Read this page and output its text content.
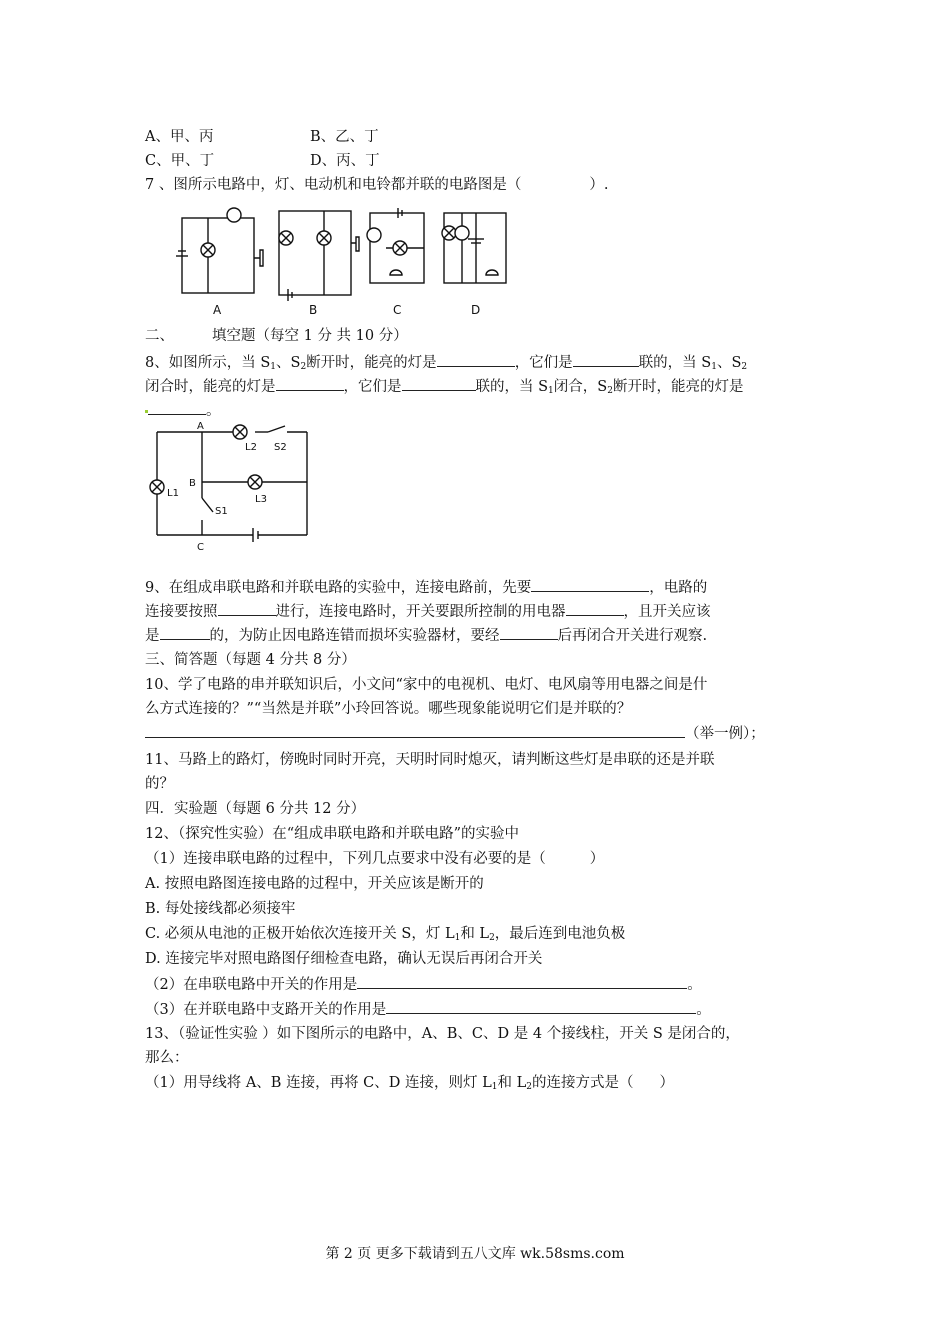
A、甲、丙	B、乙、丁
C、甲、丁	D、丙、丁
7 、图所示电路中，灯、电动机和电铃都并联的电路图是（	）.
A	B	C	D
二、	填空题（每空 1 分 共 10 分）
8、如图所示，当 $S_1$、$S_2$断开时，能亮的灯是	，它们是	联的，当 $S_1$、$S_2$
闭合时，能亮的灯是	，它们是	联的，当 $S_1$闭合，$S_2$断开时，能亮的灯是
。
A
B
C
L2 S2
L3
L1
S1
9、在组成串联电路和并联电路的实验中，连接电路前，先要	，电路的
连接要按照	进行，连接电路时，开关要跟所控制的用电器	，且开关应该
是	的，为防止因电路连错而损坏实验器材，要经	后再闭合开关进行观察.
三、简答题（每题 4 分共 8 分）
10、学了电路的串并联知识后，小文问“家中的电视机、电灯、电风扇等用电器之间是什
么方式连接的？”“当然是并联”小玲回答说。哪些现象能说明它们是并联的？
（举一例）；
11、马路上的路灯，傍晚时同时开亮，天明时同时熄灭，请判断这些灯是串联的还是并联
的？
四．实验题（每题 6 分共 12 分）
12、（探究性实验）在“组成串联电路和并联电路”的实验中
（1）连接串联电路的过程中，下列几点要求中没有必要的是（	）
A. 按照电路图连接电路的过程中，开关应该是断开的
B. 每处接线都必须接牢
C. 必须从电池的正极开始依次连接开关 S，灯 $L_1$和 $L_2$，最后连到电池负极
D. 连接完毕对照电路图仔细检查电路，确认无误后再闭合开关
（2）在串联电路中开关的作用是	。
（3）在并联电路中支路开关的作用是	。
13、（验证性实验 ）如下图所示的电路中，A、B、C、D 是 4 个接线柱，开关 S 是闭合的，
那么：
（1）用导线将 A、B 连接，再将 C、D 连接，则灯 $L_1$和 $L_2$的连接方式是（ ）
第 2 页 更多下载请到五八文库 wk.58sms.com
